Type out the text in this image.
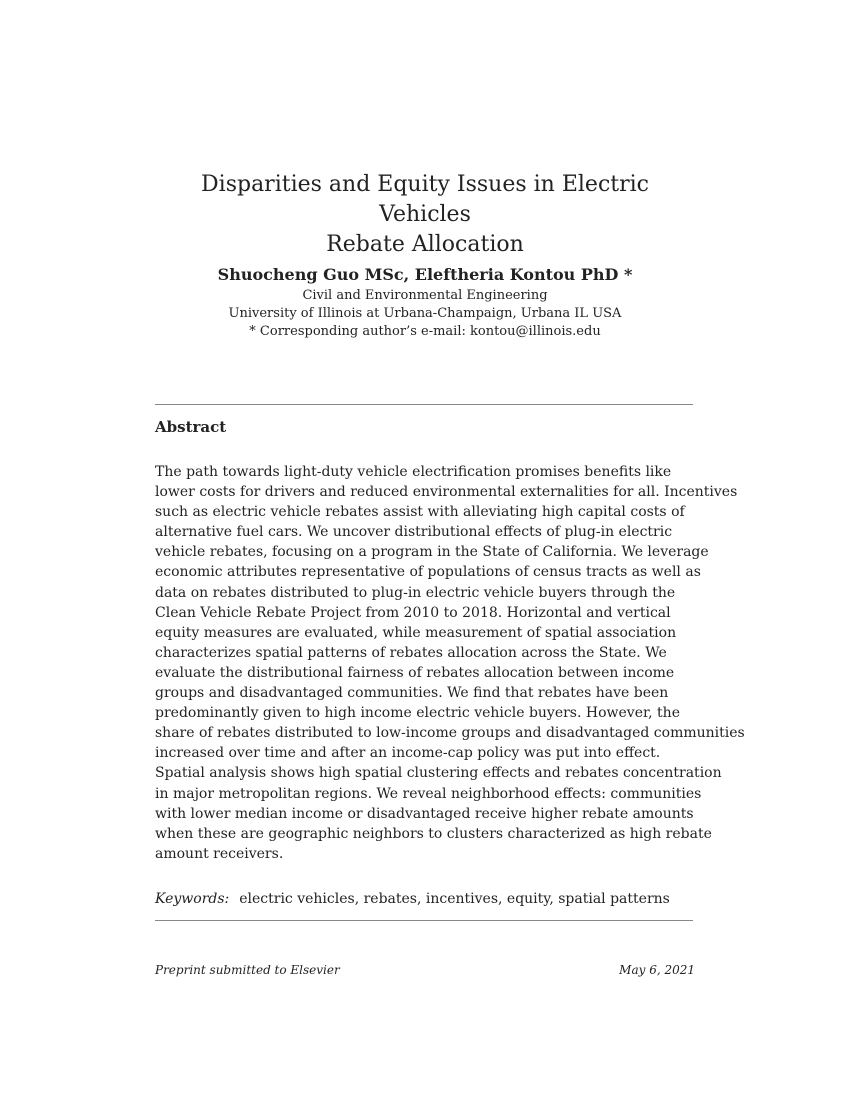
Disparities and Equity Issues in Electric Vehicles
Rebate Allocation
Shuocheng Guo MSc, Eleftheria Kontou PhD *
Civil and Environmental Engineering
University of Illinois at Urbana-Champaign, Urbana IL USA
* Corresponding author’s e-mail: kontou@illinois.edu
Abstract
The path towards light-duty vehicle electrification promises benefits like
lower costs for drivers and reduced environmental externalities for all. Incentives
such as electric vehicle rebates assist with alleviating high capital costs of
alternative fuel cars. We uncover distributional effects of plug-in electric
vehicle rebates, focusing on a program in the State of California. We leverage
economic attributes representative of populations of census tracts as well as
data on rebates distributed to plug-in electric vehicle buyers through the
Clean Vehicle Rebate Project from 2010 to 2018. Horizontal and vertical
equity measures are evaluated, while measurement of spatial association
characterizes spatial patterns of rebates allocation across the State. We
evaluate the distributional fairness of rebates allocation between income
groups and disadvantaged communities. We find that rebates have been
predominantly given to high income electric vehicle buyers. However, the
share of rebates distributed to low-income groups and disadvantaged communities
increased over time and after an income-cap policy was put into effect.
Spatial analysis shows high spatial clustering effects and rebates concentration
in major metropolitan regions. We reveal neighborhood effects: communities
with lower median income or disadvantaged receive higher rebate amounts
when these are geographic neighbors to clusters characterized as high rebate
amount receivers.
Keywords: electric vehicles, rebates, incentives, equity, spatial patterns
Preprint submitted to Elsevier	May 6, 2021
